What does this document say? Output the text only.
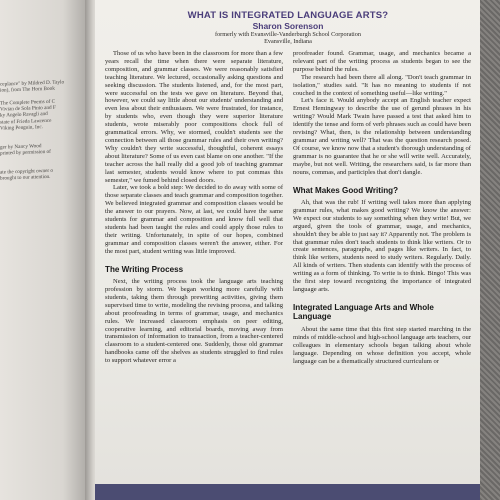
ceplance" by Mildred D. Taylo
ion), from The Horn Book

The Complete Poems of C
Vivian de Sola Pinto and F
ky Angelo Ravagli and
state of Frieda Lawrence
Viking Penguin, Inc.

ger by Nancy Wood
printed by permission of

ate the copyright owner o
brought to our attention.
WHAT IS INTEGRATED LANGUAGE ARTS?
Sharon Sorenson
formerly with Evansville-Vanderburgh School Corporation
Evansville, Indiana

Those of us who have been in the classroom for more than a few years recall the time when there were separate literature, composition, and grammar classes. We were reasonably satisfied teaching literature. We lectured, occasionally asking questions and seeking discussion. The students listened, and, for the most part, were successful on the tests we gave on literature. Beyond that, however, we could say little about our students' understanding and even less about their enthusiasm. We were frustrated, for instance, by students who, even though they were superior literature students, wrote miserably poor compositions chock full of grammatical errors. Why, we stormed, couldn't students see the connection between all those grammar rules and their own writing? Why couldn't they write successful, thoughtful, coherent essays about literature? Some of us even cast blame on one another. "If the teacher across the hall really did a good job of teaching grammar last semester, students would know where to put commas this semester," we fumed behind closed doors.

Later, we took a bold step: We decided to do away with some of those separate classes and teach grammar and composition together. We believed integrated grammar and composition classes would be the answer to our prayers. Now, at last, we could have the same students for grammar and composition and know full well that students had been taught the rules and could apply those rules to their writing. Unfortunately, in spite of our hopes, combined grammar and composition classes weren't the answer, either. For the most part, student writing was little improved.

The Writing Process

Next, the writing process took the language arts teaching profession by storm. We began working more carefully with students, taking them through prewriting activities, giving them supervised time to write, modeling the revising process, and talking about proofreading in terms of grammar, usage, and mechanics rules. We increased classroom emphasis on peer editing, cooperative learning, and editorial boards, moving away from transmission of information to transaction, from a teacher-centered classroom to a student-centered one. Suddenly, those old grammar handbooks came off the shelves as students struggled to find rules to support whatever error a

proofreader found. Grammar, usage, and mechanics became a relevant part of the writing process as students began to see the purpose behind the rules.

The research had been there all along. "Don't teach grammar in isolation," studies said. "It has no meaning to students if not couched in the context of something useful—like writing."

Let's face it. Would anybody accept an English teacher expect Ernest Hemingway to describe the use of gerund phrases in his writing? Would Mark Twain have passed a test that asked him to identify the tense and form of verb phrases such as could have been revising? What, then, is the relationship between understanding grammar and writing well? That was the question research posed. Of course, we know now that a student's thorough understanding of grammar is no guarantee that he or she will write well. Accurately, maybe, but not well. Writing, the researchers said, is far more than nouns, commas, and participles that don't dangle.

What Makes Good Writing?

Ah, that was the rub! If writing well takes more than applying grammar rules, what makes good writing? We know the answer: We expect our students to say something when they write! But, we argued, given the tools of grammar, usage, and mechanics, shouldn't they be able to just say it? Apparently not. The problem is that grammar rules don't teach students to think like writers. Or to create sentences, paragraphs, and pages like writers. In fact, to think like writers, students need to study writers. Regularly. Daily. All kinds of writers. Then students can identify with the process of writing as a form of thinking. To write is to think. Bingo! This was the first step toward recognizing the importance of integrated language arts.

Integrated Language Arts and Whole Language

About the same time that this first step started marching in the minds of middle-school and high-school language arts teachers, our colleagues in elementary schools began talking about whole language. Depending on whose definition you accept, whole language can be a thematically structured curriculum or
